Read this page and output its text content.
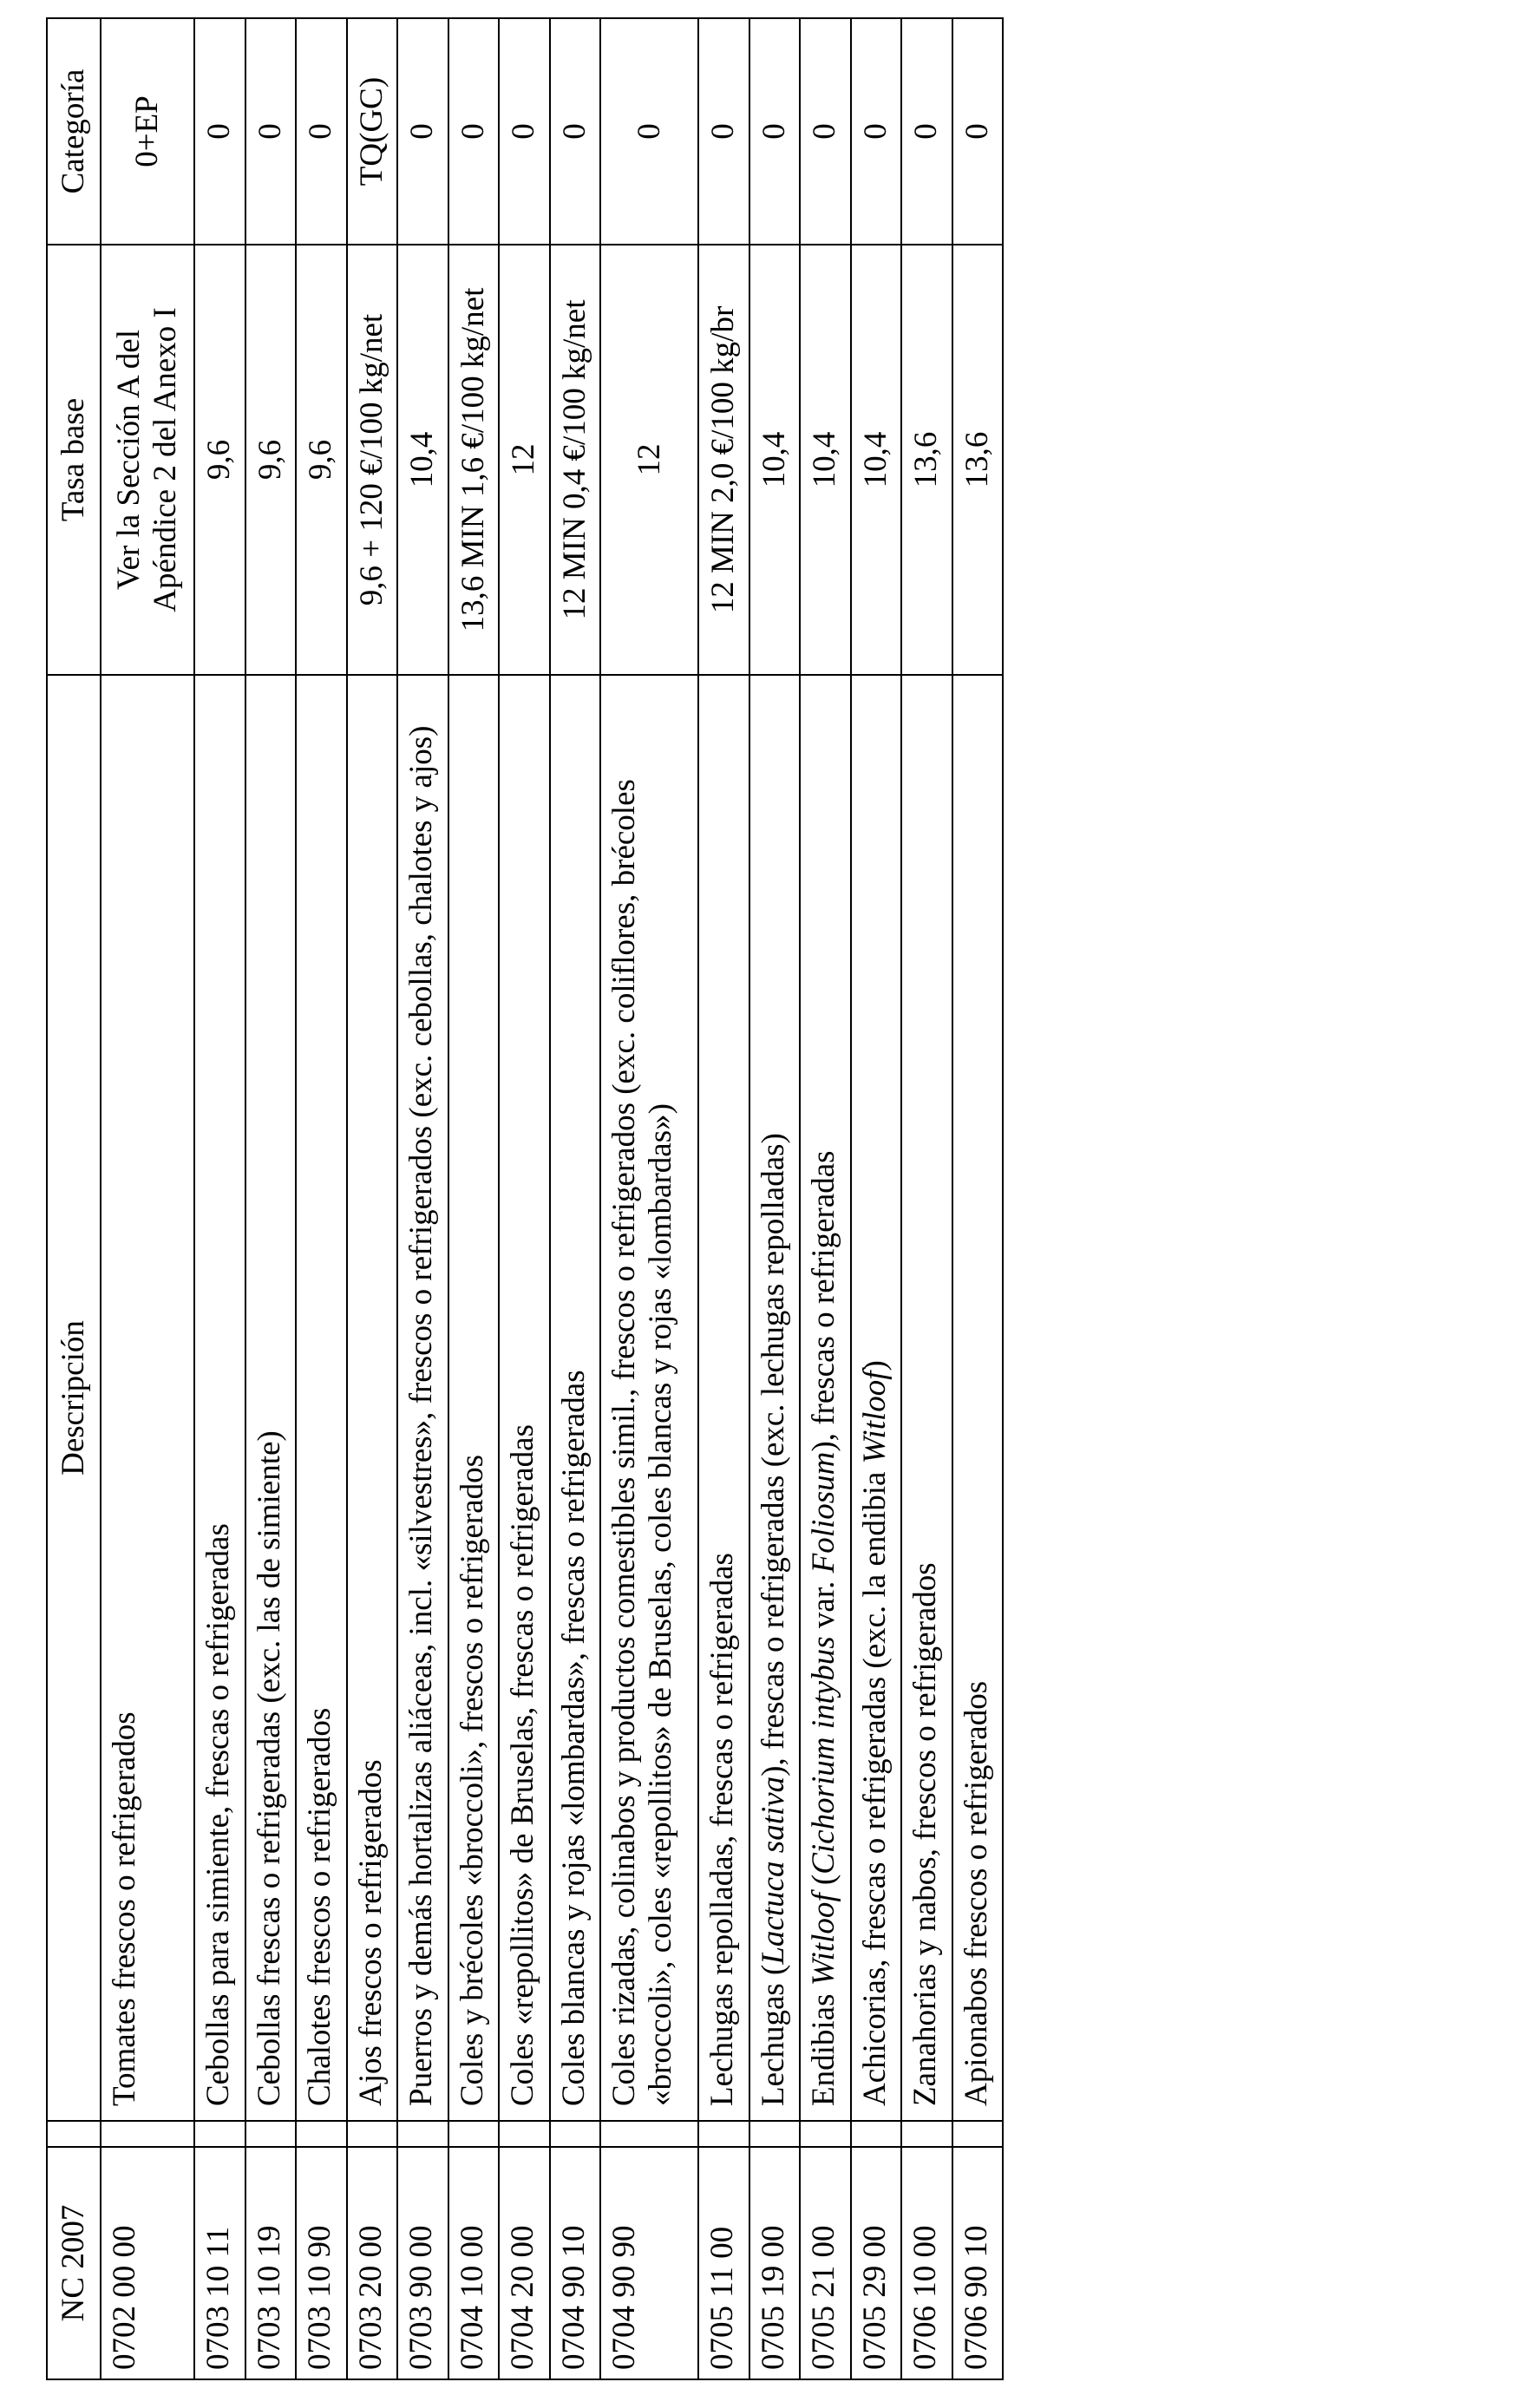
NC 2007		Descripción	Tasa base	Categoría
0702 00 00		Tomates frescos o refrigerados	Ver la Sección A del Apéndice 2 del Anexo I	0+EP
0703 10 11		Cebollas para simiente, frescas o refrigeradas	9,6	0
0703 10 19		Cebollas frescas o refrigeradas (exc. las de simiente)	9,6	0
0703 10 90		Chalotes frescos o refrigerados	9,6	0
0703 20 00		Ajos frescos o refrigerados	9,6 + 120 €/100 kg/net	TQ(GC)
0703 90 00		Puerros y demás hortalizas aliáceas, incl. «silvestres», frescos o refrigerados (exc. cebollas, chalotes y ajos)	10,4	0
0704 10 00		Coles y brécoles «broccoli», frescos o refrigerados	13,6 MIN 1,6 €/100 kg/net	0
0704 20 00		Coles «repollitos» de Bruselas, frescas o refrigeradas	12	0
0704 90 10		Coles blancas y rojas «lombardas», frescas o refrigeradas	12 MIN 0,4 €/100 kg/net	0
0704 90 90		Coles rizadas, colinabos y productos comestibles simil., frescos o refrigerados (exc. coliflores, brécoles «broccoli», coles «repollitos» de Bruselas, coles blancas y rojas «lombardas»)	12	0
0705 11 00		Lechugas repolladas, frescas o refrigeradas	12 MIN 2,0 €/100 kg/br	0
0705 19 00		Lechugas (Lactuca sativa), frescas o refrigeradas (exc. lechugas repolladas)	10,4	0
0705 21 00		Endibias Witloof (Cichorium intybus var. Foliosum), frescas o refrigeradas	10,4	0
0705 29 00		Achicorias, frescas o refrigeradas (exc. la endibia Witloof)	10,4	0
0706 10 00		Zanahorias y nabos, frescos o refrigerados	13,6	0
0706 90 10		Apionabos frescos o refrigerados	13,6	0
